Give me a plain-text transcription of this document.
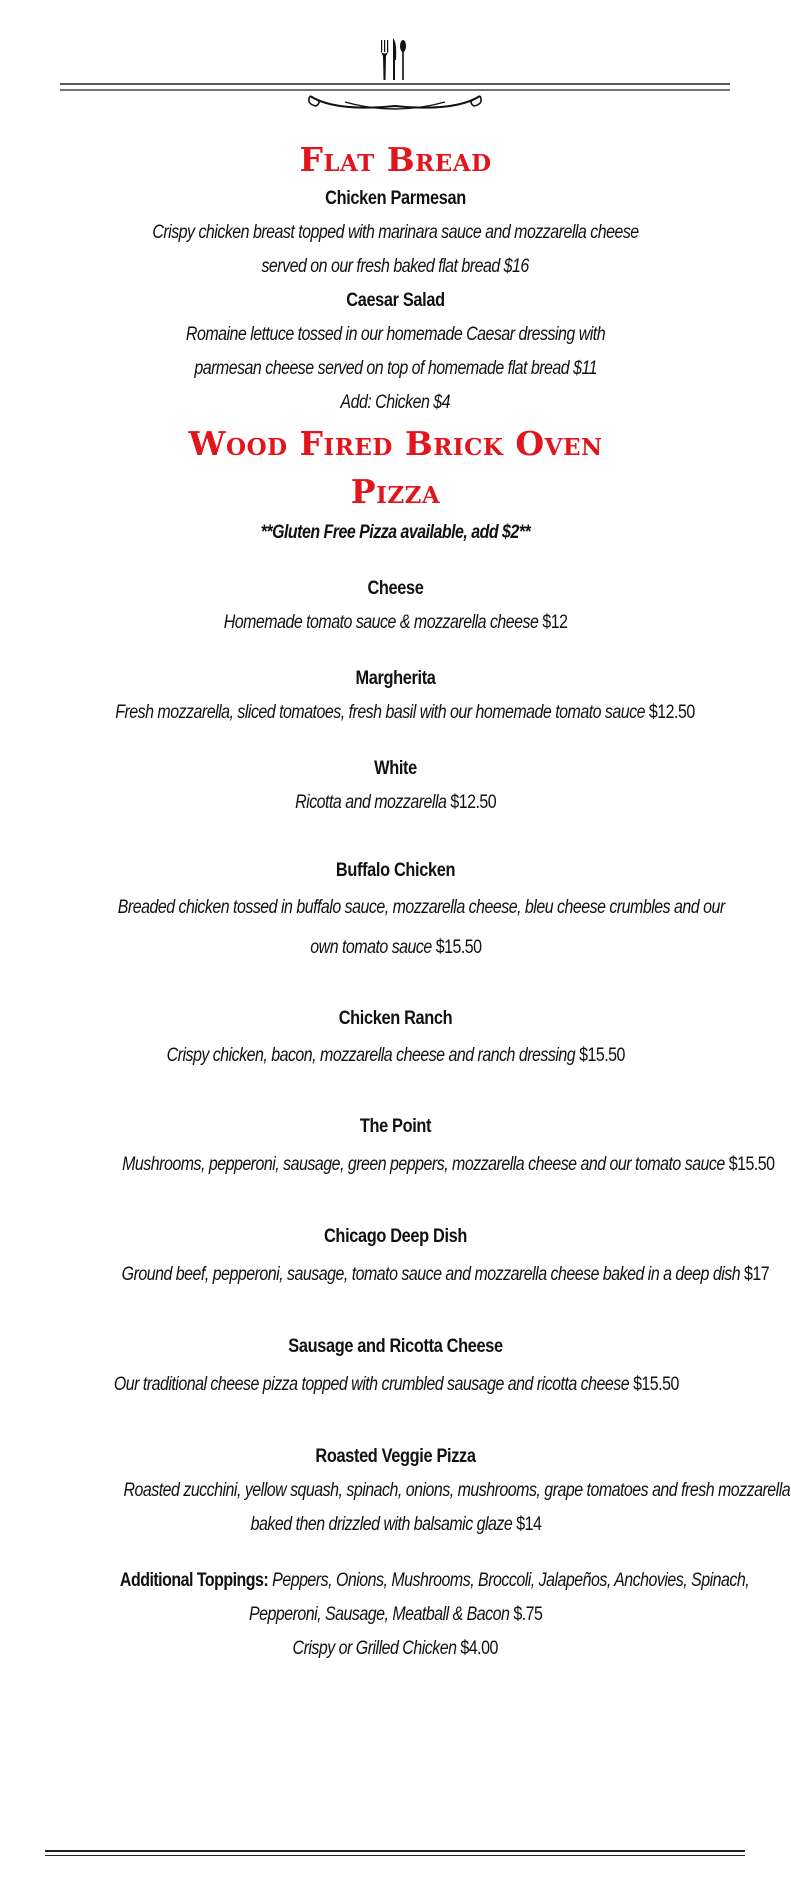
Flat Bread

Chicken Parmesan

Crispy chicken breast topped with marinara sauce and mozzarella cheese

served on our fresh baked flat bread $16

Caesar Salad

Romaine lettuce tossed in our homemade Caesar dressing with

parmesan cheese served on top of homemade flat bread $11

Add: Chicken $4

Wood Fired Brick Oven
Pizza

**Gluten Free Pizza available, add $2**

Cheese

Homemade tomato sauce & mozzarella cheese $12

Margherita

Fresh mozzarella, sliced tomatoes, fresh basil with our homemade tomato sauce $12.50

White

Ricotta and mozzarella $12.50

Buffalo Chicken

Breaded chicken tossed in buffalo sauce, mozzarella cheese, bleu cheese crumbles and our

own tomato sauce $15.50

Chicken Ranch

Crispy chicken, bacon, mozzarella cheese and ranch dressing $15.50

The Point

Mushrooms, pepperoni, sausage, green peppers, mozzarella cheese and our tomato sauce $15.50

Chicago Deep Dish

Ground beef, pepperoni, sausage, tomato sauce and mozzarella cheese baked in a deep dish $17

Sausage and Ricotta Cheese

Our traditional cheese pizza topped with crumbled sausage and ricotta cheese $15.50

Roasted Veggie Pizza

Roasted zucchini, yellow squash, spinach, onions, mushrooms, grape tomatoes and fresh mozzarella

baked then drizzled with balsamic glaze $14

Additional Toppings: Peppers, Onions, Mushrooms, Broccoli, Jalapeños, Anchovies, Spinach,

Pepperoni, Sausage, Meatball & Bacon $.75

Crispy or Grilled Chicken $4.00
